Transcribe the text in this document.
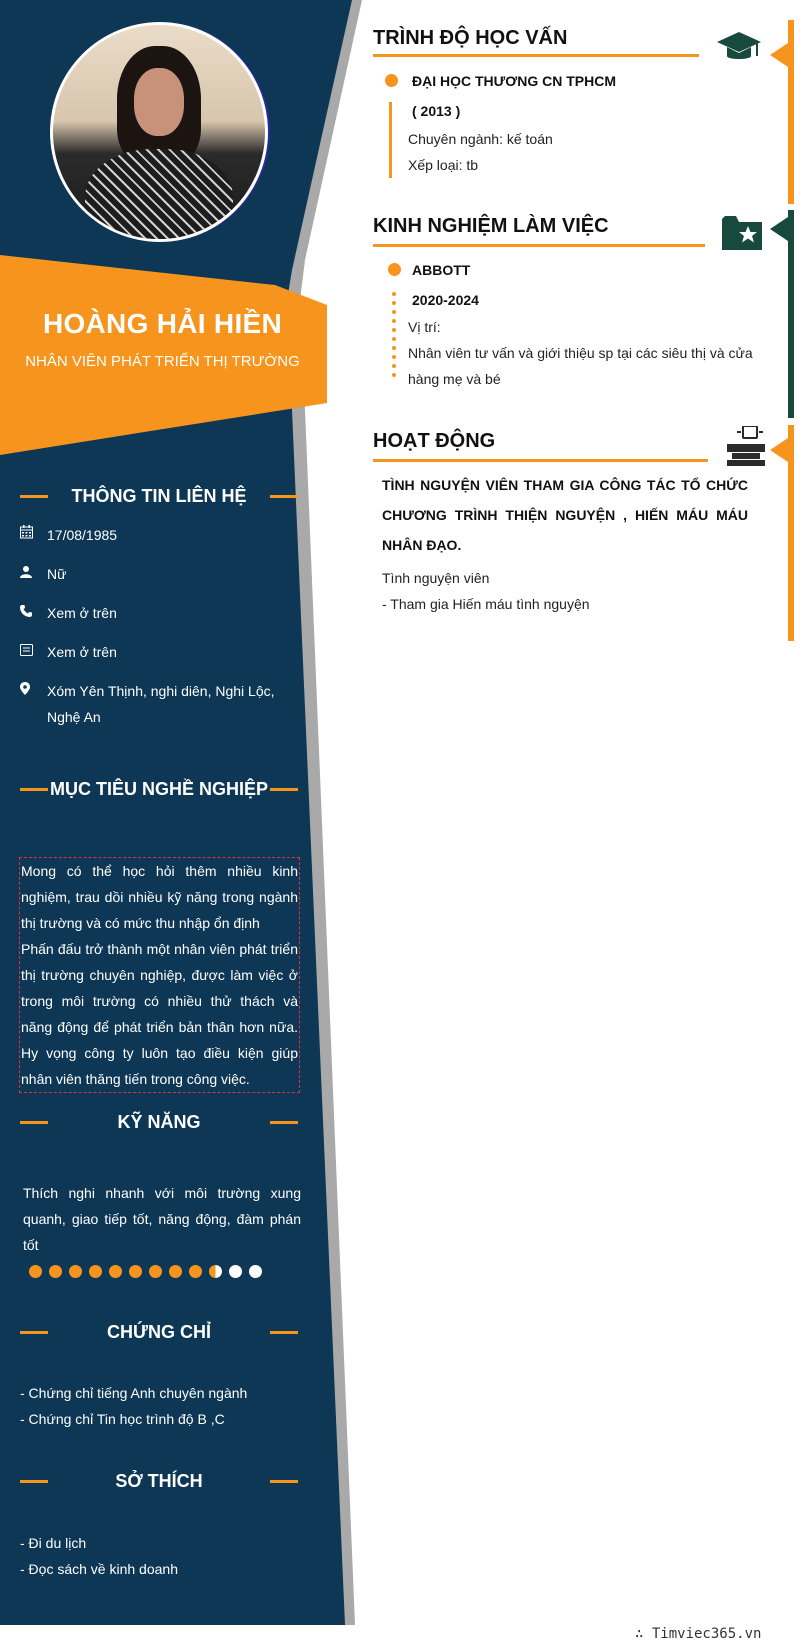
HOÀNG HẢI HIỀN
NHÂN VIÊN PHÁT TRIỂN THỊ TRƯỜNG
THÔNG TIN LIÊN HỆ
17/08/1985
Nữ
Xem ở trên
Xem ở trên
Xóm Yên Thịnh, nghi diên, Nghi Lộc, Nghệ An
MỤC TIÊU NGHỀ NGHIỆP
Mong có thể học hỏi thêm nhiều kinh nghiệm, trau dồi nhiều kỹ năng trong ngành thị trường và có mức thu nhập ổn định
Phấn đấu trở thành một nhân viên phát triển thị trường chuyên nghiệp, được làm việc ở trong môi trường có nhiều thử thách và năng động để phát triển bản thân hơn nữa. Hy vọng công ty luôn tạo điều kiện giúp nhân viên thăng tiến trong công việc.
KỸ NĂNG
Thích nghi nhanh với môi trường xung quanh, giao tiếp tốt, năng động, đàm phán tốt
CHỨNG CHỈ
- Chứng chỉ tiếng Anh chuyên ngành
- Chứng chỉ Tin học trình độ B ,C
SỞ THÍCH
- Đi du lịch
- Đọc sách về kinh doanh
TRÌNH ĐỘ HỌC VẤN
ĐẠI HỌC THƯƠNG CN TPHCM
( 2013 )
Chuyên ngành: kế toán
Xếp loại: tb
KINH NGHIỆM LÀM VIỆC
ABBOTT
2020-2024
Vị trí:
Nhân viên tư vấn và giới thiệu sp tại các siêu thị và cửa hàng mẹ và bé
HOẠT ĐỘNG
TÌNH NGUYỆN VIÊN THAM GIA CÔNG TÁC TỔ CHỨC CHƯƠNG TRÌNH THIỆN NGUYỆN , HIẾN MÁU MÁU NHÂN ĐẠO.
Tình nguyện viên
- Tham gia Hiến máu tình nguyện
∴ Timviec365.vn
